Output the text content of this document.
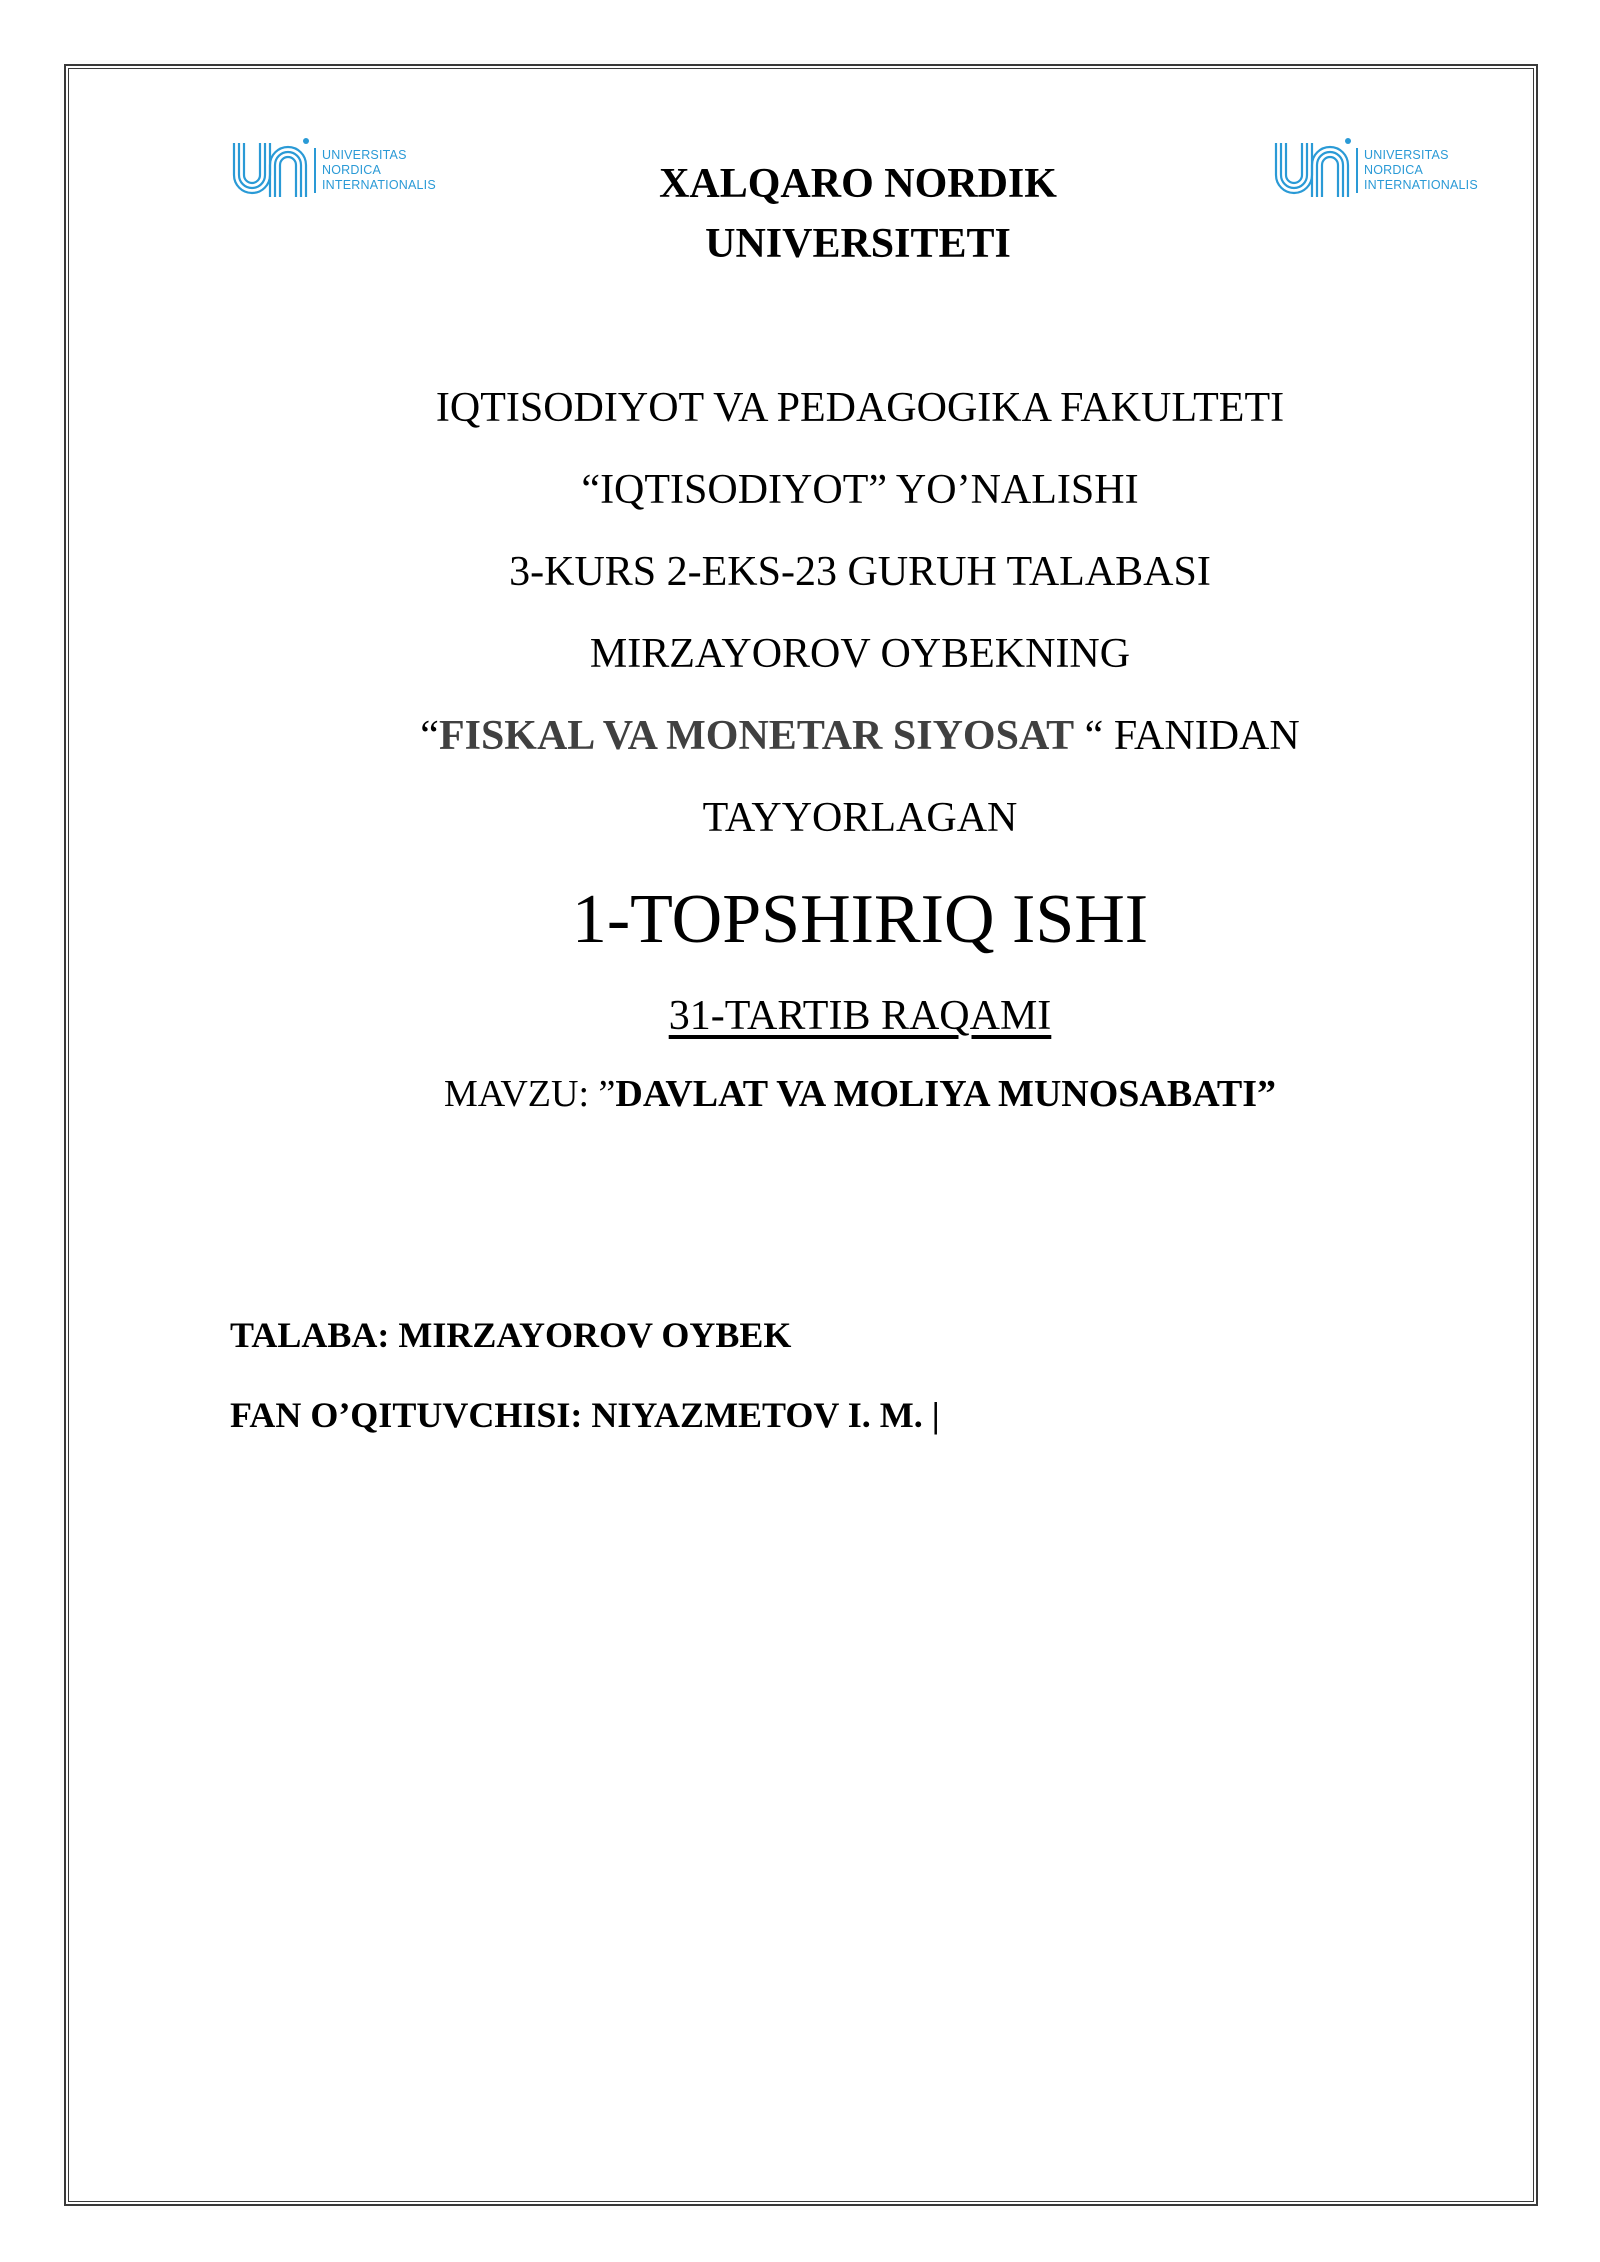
UNIVERSITAS
NORDICA
INTERNATIONALIS
UNIVERSITAS
NORDICA
INTERNATIONALIS
XALQARO NORDIK
UNIVERSITETI
IQTISODIYOT VA PEDAGOGIKA FAKULTETI
“IQTISODIYOT” YO’NALISHI
3-KURS 2-EKS-23 GURUH TALABASI
MIRZAYOROV OYBEKNING
“FISKAL VA MONETAR SIYOSAT “ FANIDAN
TAYYORLAGAN
1-TOPSHIRIQ ISHI
31-TARTIB RAQAMI
MAVZU: ”DAVLAT VA MOLIYA MUNOSABATI”
TALABA: MIRZAYOROV OYBEK
FAN O’QITUVCHISI: NIYAZMETOV I. M. |
